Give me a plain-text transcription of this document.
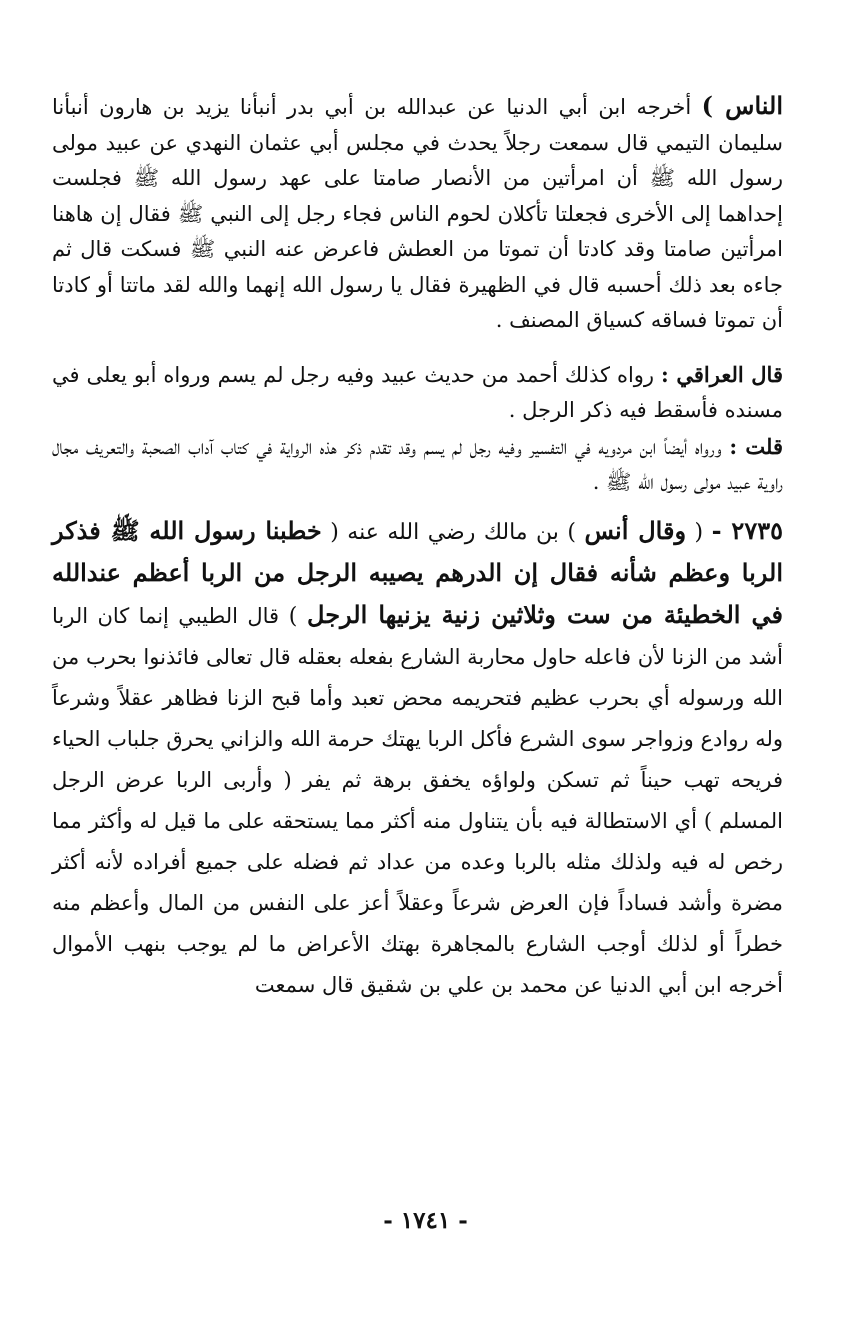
الناس ) أخرجه ابن أبي الدنيا عن عبدالله بن أبي بدر أنبأنا يزيد بن هارون أنبأنا سليمان التيمي قال سمعت رجلاً يحدث في مجلس أبي عثمان النهدي عن عبيد مولى رسول الله ﷺ أن امرأتين من الأنصار صامتا على عهد رسول الله ﷺ فجلست إحداهما إلى الأخرى فجعلتا تأكلان لحوم الناس فجاء رجل إلى النبي ﷺ فقال إن هاهنا امرأتين صامتا وقد كادتا أن تموتا من العطش فاعرض عنه النبي ﷺ فسكت قال ثم جاءه بعد ذلك أحسبه قال في الظهيرة فقال يا رسول الله إنهما والله لقد ماتتا أو كادتا أن تموتا فساقه كسياق المصنف .

قال العراقي : رواه كذلك أحمد من حديث عبيد وفيه رجل لم يسم ورواه أبو يعلى في مسنده فأسقط فيه ذكر الرجل .

قلت : ورواه أيضاً ابن مردويه في التفسير وفيه رجل لم يسم وقد تقدم ذكر هذه الرواية في كتاب آداب الصحبة والتعريف مجال راوية عبيد مولى رسول الله ﷺ .

٢٧٣٥ - ( وقال أنس ) بن مالك رضي الله عنه ( خطبنا رسول الله ﷺ فذكر الربا وعظم شأنه فقال إن الدرهم يصيبه الرجل من الربا أعظم عندالله في الخطيئة من ست وثلاثين زنية يزنيها الرجل ) قال الطيبي إنما كان الربا أشد من الزنا لأن فاعله حاول محاربة الشارع بفعله بعقله قال تعالى فائذنوا بحرب من الله ورسوله أي بحرب عظيم فتحريمه محض تعبد وأما قبح الزنا فظاهر عقلاً وشرعاً وله روادع وزواجر سوى الشرع فأكل الربا يهتك حرمة الله والزاني يحرق جلباب الحياء فريحه تهب حيناً ثم تسكن ولواؤه يخفق برهة ثم يفر ( وأربى الربا عرض الرجل المسلم ) أي الاستطالة فيه بأن يتناول منه أكثر مما يستحقه على ما قيل له وأكثر مما رخص له فيه ولذلك مثله بالربا وعده من عداد ثم فضله على جميع أفراده لأنه أكثر مضرة وأشد فساداً فإن العرض شرعاً وعقلاً أعز على النفس من المال وأعظم منه خطراً أو لذلك أوجب الشارع بالمجاهرة بهتك الأعراض ما لم يوجب بنهب الأموال أخرجه ابن أبي الدنيا عن محمد بن علي بن شقيق قال سمعت

- ١٧٤١ -
